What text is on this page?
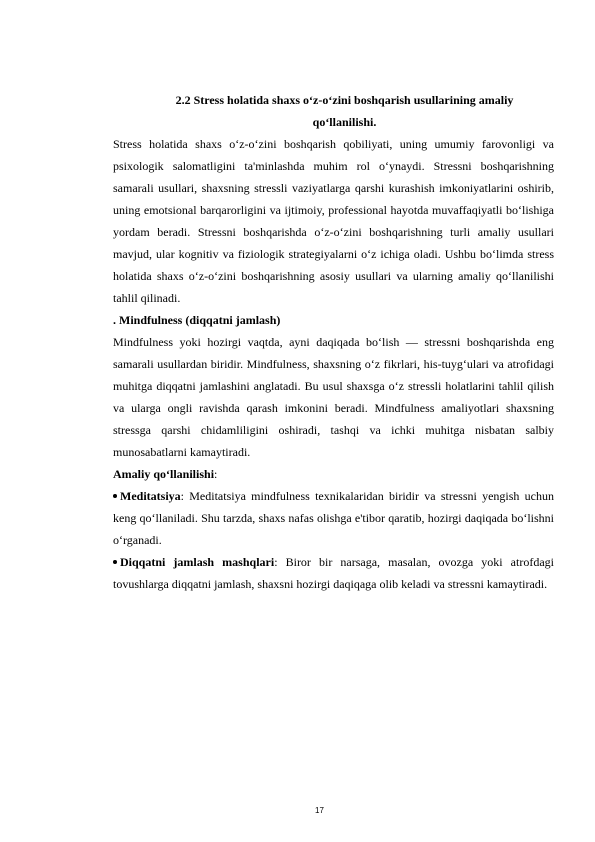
2.2 Stress holatida shaxs o‘z-o‘zini boshqarish usullarining amaliy
qo‘llanilishi.

Stress holatida shaxs o‘z-o‘zini boshqarish qobiliyati, uning umumiy farovonligi va psixologik salomatligini ta'minlashda muhim rol o‘ynaydi. Stressni boshqarishning samarali usullari, shaxsning stressli vaziyatlarga qarshi kurashish imkoniyatlarini oshirib, uning emotsional barqarorligini va ijtimoiy, professional hayotda muvaffaqiyatli bo‘lishiga yordam beradi. Stressni boshqarishda o‘z-o‘zini boshqarishning turli amaliy usullari mavjud, ular kognitiv va fiziologik strategiyalarni o‘z ichiga oladi. Ushbu bo‘limda stress holatida shaxs o‘z-o‘zini boshqarishning asosiy usullari va ularning amaliy qo‘llanilishi tahlil qilinadi.

. Mindfulness (diqqatni jamlash)

Mindfulness yoki hozirgi vaqtda, ayni daqiqada bo‘lish — stressni boshqarishda eng samarali usullardan biridir. Mindfulness, shaxsning o‘z fikrlari, his-tuyg‘ulari va atrofidagi muhitga diqqatni jamlashini anglatadi. Bu usul shaxsga o‘z stressli holatlarini tahlil qilish va ularga ongli ravishda qarash imkonini beradi. Mindfulness amaliyotlari shaxsning stressga qarshi chidamliligini oshiradi, tashqi va ichki muhitga nisbatan salbiy munosabatlarni kamaytiradi.

Amaliy qo‘llanilishi:

Meditatsiya: Meditatsiya mindfulness texnikalaridan biridir va stressni yengish uchun keng qo‘llaniladi. Shu tarzda, shaxs nafas olishga e'tibor qaratib, hozirgi daqiqada bo‘lishni o‘rganadi.

Diqqatni jamlash mashqlari: Biror bir narsaga, masalan, ovozga yoki atrofdagi tovushlarga diqqatni jamlash, shaxsni hozirgi daqiqaga olib keladi va stressni kamaytiradi.

17
